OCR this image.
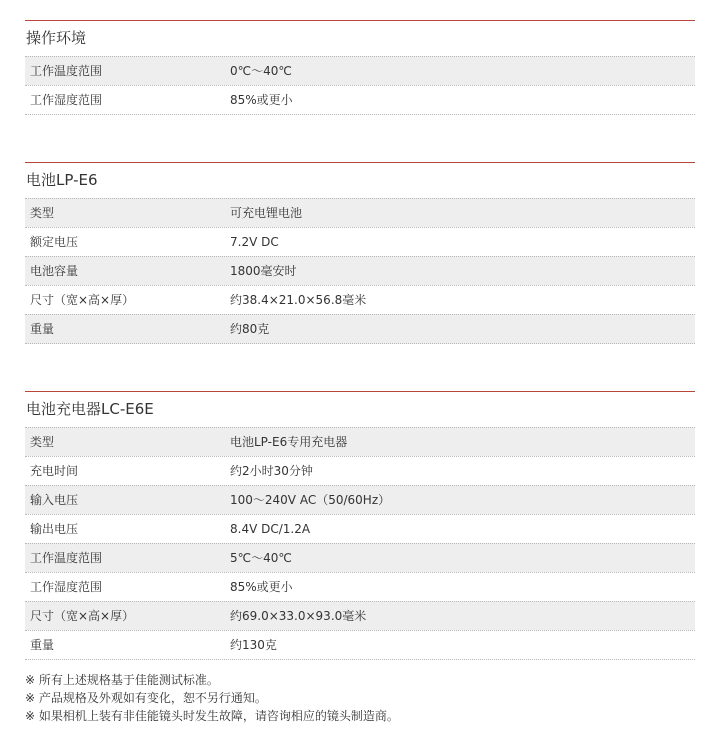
操作环境
工作温度范围	0℃～40℃
工作湿度范围	85%或更小
电池LP-E6
类型	可充电锂电池
额定电压	7.2V DC
电池容量	1800毫安时
尺寸（宽×高×厚）	约38.4×21.0×56.8毫米
重量	约80克
电池充电器LC-E6E
类型	电池LP-E6专用充电器
充电时间	约2小时30分钟
输入电压	100～240V AC（50/60Hz）
输出电压	8.4V DC/1.2A
工作温度范围	5℃～40℃
工作湿度范围	85%或更小
尺寸（宽×高×厚）	约69.0×33.0×93.0毫米
重量	约130克
※ 所有上述规格基于佳能测试标准。
※ 产品规格及外观如有变化，恕不另行通知。
※ 如果相机上装有非佳能镜头时发生故障，请咨询相应的镜头制造商。
